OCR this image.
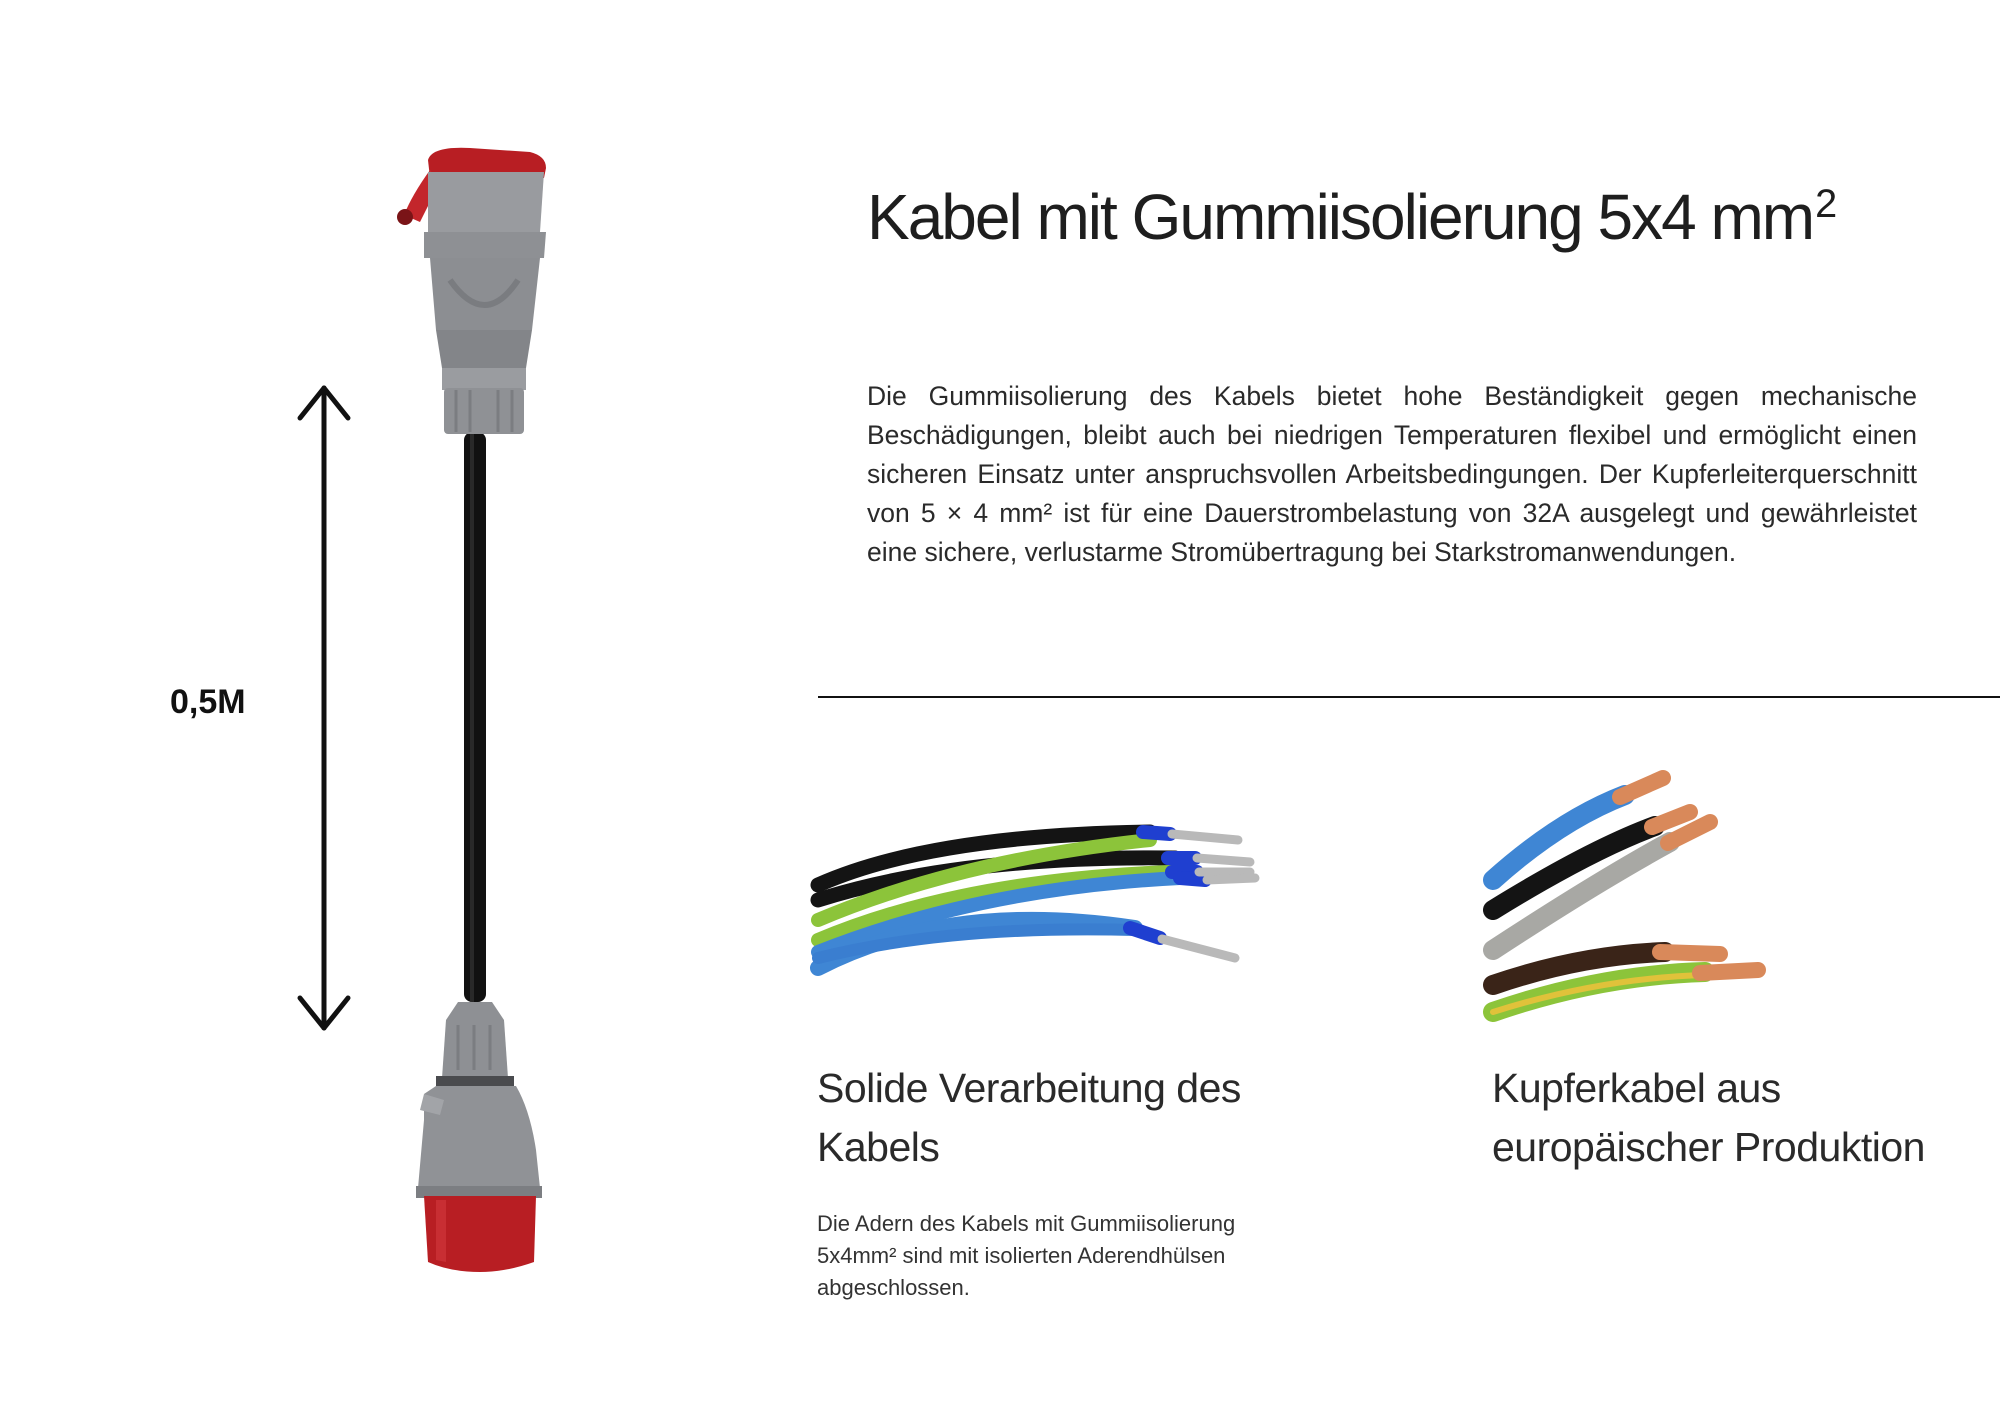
0,5M
Kabel mit Gummiisolierung 5x4 $mm^2$
Die Gummiisolierung des Kabels bietet hohe Beständigkeit gegen mechanische Beschädigungen, bleibt auch bei niedrigen Temperaturen flexibel und ermöglicht einen sicheren Einsatz unter anspruchsvollen Arbeitsbedingungen. Der Kupferleiterquerschnitt von 5 × 4 mm² ist für eine Dauerstrombelastung von 32A ausgelegt und gewährleistet eine sichere, verlustarme Stromübertragung bei Starkstromanwendungen.
Solide Verarbeitung des Kabels
Die Adern des Kabels mit Gummiisolierung 5x4mm² sind mit isolierten Aderendhülsen abgeschlossen.
Kupferkabel aus europäischer Produktion
